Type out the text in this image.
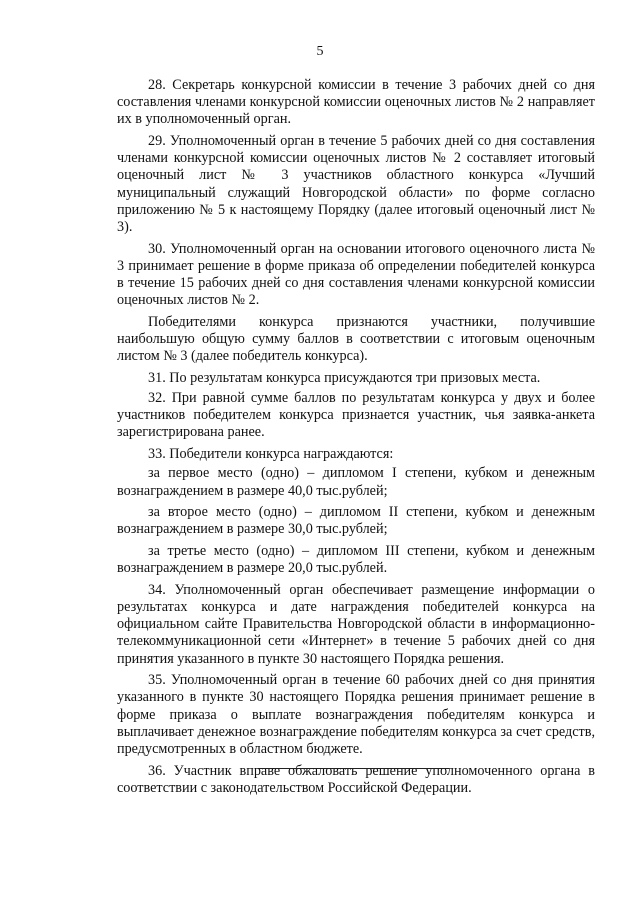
5

28. Секретарь конкурсной комиссии в течение 3 рабочих дней со дня составления членами конкурсной комиссии оценочных листов № 2 направляет их в уполномоченный орган.

29. Уполномоченный орган в течение 5 рабочих дней со дня составления членами конкурсной комиссии оценочных листов № 2 составляет итоговый оценочный лист № 3 участников областного конкурса «Лучший муниципальный служащий Новгородской области» по форме согласно приложению № 5 к настоящему Порядку (далее итоговый оценочный лист № 3).

30. Уполномоченный орган на основании итогового оценочного листа № 3 принимает решение в форме приказа об определении победителей конкурса в течение 15 рабочих дней со дня составления членами конкурсной комиссии оценочных листов № 2.

Победителями конкурса признаются участники, получившие наибольшую общую сумму баллов в соответствии с итоговым оценочным листом № 3 (далее победитель конкурса).

31. По результатам конкурса присуждаются три призовых места.

32. При равной сумме баллов по результатам конкурса у двух и более участников победителем конкурса признается участник, чья заявка-анкета зарегистрирована ранее.

33. Победители конкурса награждаются:

за первое место (одно) – дипломом I степени, кубком и денежным вознаграждением в размере 40,0 тыс.рублей;

за второе место (одно) – дипломом II степени, кубком и денежным вознаграждением в размере 30,0 тыс.рублей;

за третье место (одно) – дипломом III степени, кубком и денежным вознаграждением в размере 20,0 тыс.рублей.

34. Уполномоченный орган обеспечивает размещение информации о результатах конкурса и дате награждения победителей конкурса на официальном сайте Правительства Новгородской области в информационно-телекоммуникационной сети «Интернет» в течение 5 рабочих дней со дня принятия указанного в пункте 30 настоящего Порядка решения.

35. Уполномоченный орган в течение 60 рабочих дней со дня принятия указанного в пункте 30 настоящего Порядка решения принимает решение в форме приказа о выплате вознаграждения победителям конкурса и выплачивает денежное вознаграждение победителям конкурса за счет средств, предусмотренных в областном бюджете.

36. Участник вправе обжаловать решение уполномоченного органа в соответствии с законодательством Российской Федерации.
